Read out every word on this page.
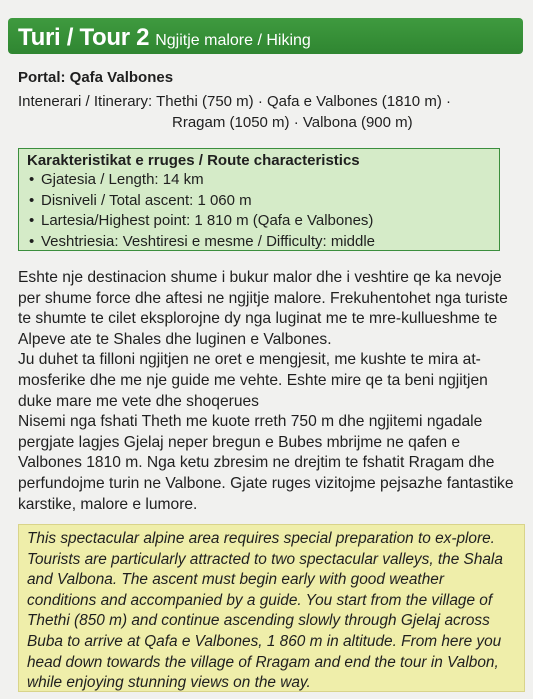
Turi / Tour 2 Ngjitje malore / Hiking
Portal: Qafa Valbones
Intenerari / Itinerary: Thethi (750 m) · Qafa e Valbones (1810 m) ·
Rragam (1050 m) · Valbona (900 m)
Karakteristikat e rruges / Route characteristics
• Gjatesia / Length: 14 km
• Disniveli / Total ascent: 1 060 m
• Lartesia/Highest point: 1 810 m (Qafa e Valbones)
• Veshtriesia: Veshtiresi e mesme / Difficulty: middle

Eshte nje destinacion shume i bukur malor dhe i veshtire qe ka nevoje per shume force dhe aftesi ne ngjitje malore. Frekuhentohet nga turiste te shumte te cilet eksplorojne dy nga luginat me te mre-kullueshme te Alpeve ate te Shales dhe luginen e Valbones.

Ju duhet ta filloni ngjitjen ne oret e mengjesit, me kushte te mira at-mosferike dhe me nje guide me vehte. Eshte mire qe ta beni ngjitjen duke mare me vete dhe shoqerues

Nisemi nga fshati Theth me kuote rreth 750 m dhe ngjitemi ngadale pergjate lagjes Gjelaj neper bregun e Bubes mbrijme ne qafen e Valbones 1810 m. Nga ketu zbresim ne drejtim te fshatit Rragam dhe perfundojme turin ne Valbone. Gjate ruges vizitojme pejsazhe fantastike karstike, malore e lumore.

This spectacular alpine area requires special preparation to ex-plore. Tourists are particularly attracted to two spectacular valleys, the Shala and Valbona. The ascent must begin early with good weather conditions and accompanied by a guide. You start from the village of Thethi (850 m) and continue ascending slowly through Gjelaj across Buba to arrive at Qafa e Valbones, 1 860 m in altitude. From here you head down towards the village of Rragam and end the tour in Valbon, while enjoying stunning views on the way.
